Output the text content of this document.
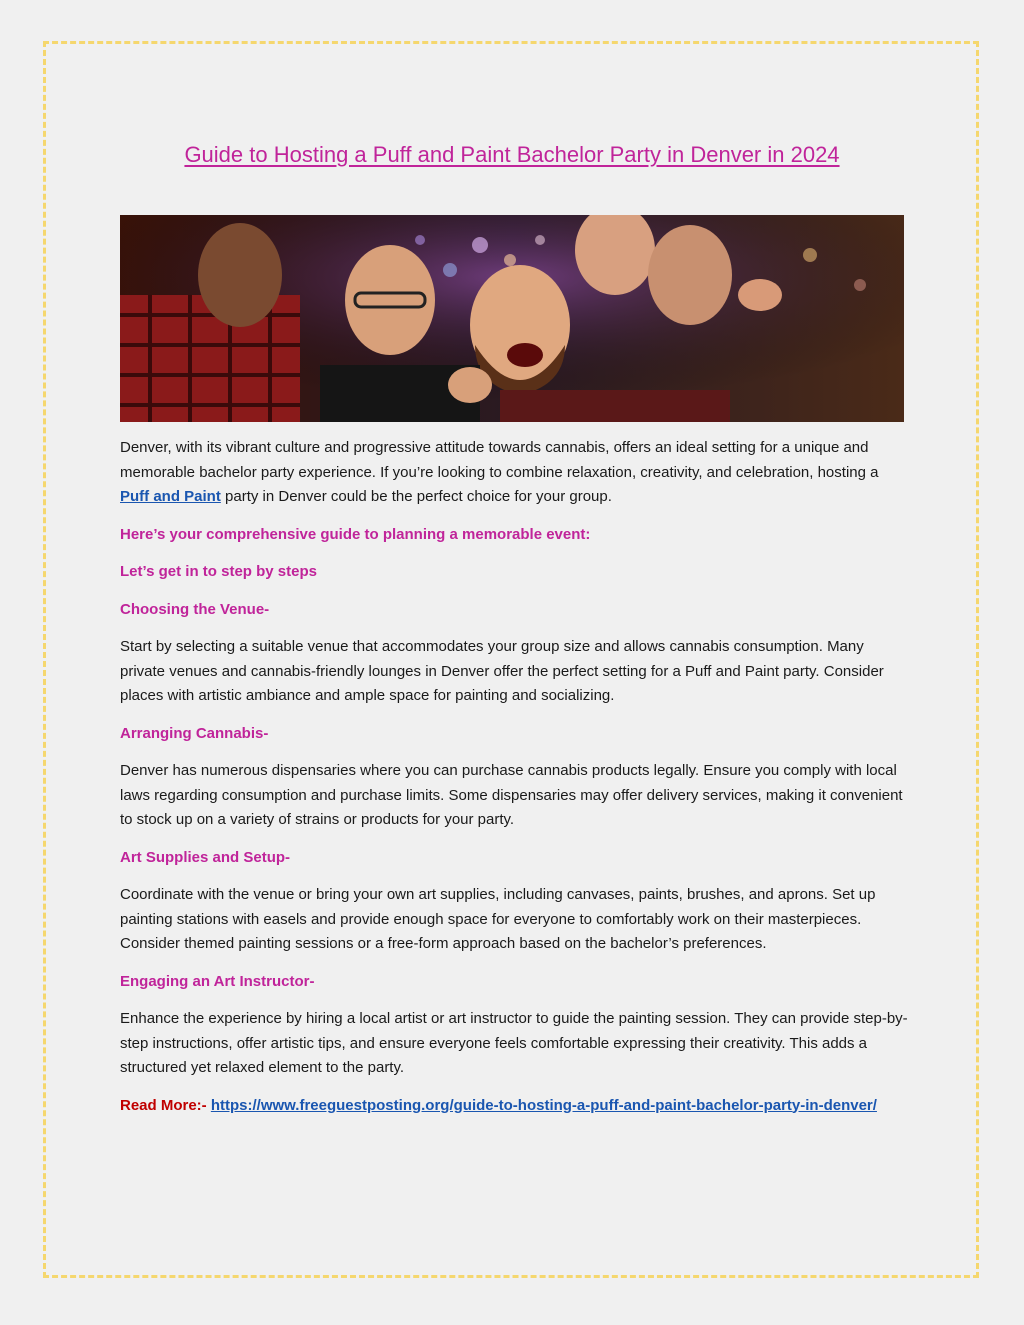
Guide to Hosting a Puff and Paint Bachelor Party in Denver in 2024

Denver, with its vibrant culture and progressive attitude towards cannabis, offers an ideal setting for a unique and memorable bachelor party experience. If you’re looking to combine relaxation, creativity, and celebration, hosting a Puff and Paint party in Denver could be the perfect choice for your group.

Here’s your comprehensive guide to planning a memorable event:

Let’s get in to step by steps

Choosing the Venue-

Start by selecting a suitable venue that accommodates your group size and allows cannabis consumption. Many private venues and cannabis-friendly lounges in Denver offer the perfect setting for a Puff and Paint party. Consider places with artistic ambiance and ample space for painting and socializing.

Arranging Cannabis-

Denver has numerous dispensaries where you can purchase cannabis products legally. Ensure you comply with local laws regarding consumption and purchase limits. Some dispensaries may offer delivery services, making it convenient to stock up on a variety of strains or products for your party.

Art Supplies and Setup-

Coordinate with the venue or bring your own art supplies, including canvases, paints, brushes, and aprons. Set up painting stations with easels and provide enough space for everyone to comfortably work on their masterpieces. Consider themed painting sessions or a free-form approach based on the bachelor’s preferences.

Engaging an Art Instructor-

Enhance the experience by hiring a local artist or art instructor to guide the painting session. They can provide step-by-step instructions, offer artistic tips, and ensure everyone feels comfortable expressing their creativity. This adds a structured yet relaxed element to the party.

Read More:- https://www.freeguestposting.org/guide-to-hosting-a-puff-and-paint-bachelor-party-in-denver/
